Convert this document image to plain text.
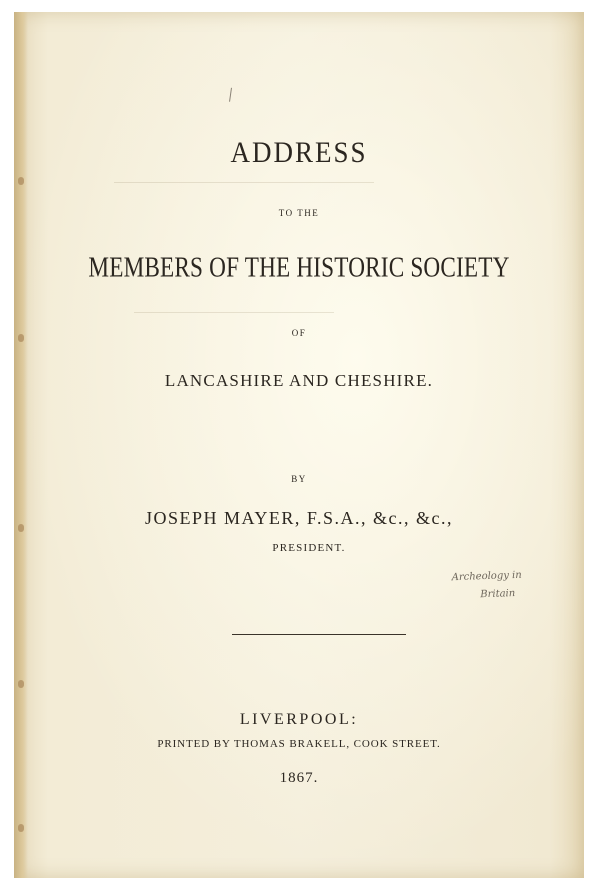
ADDRESS
TO THE
MEMBERS OF THE HISTORIC SOCIETY
OF
LANCASHIRE AND CHESHIRE.
BY
JOSEPH MAYER, F.S.A., &c., &c.,
PRESIDENT.
Archeology in
Britain
LIVERPOOL:
PRINTED BY THOMAS BRAKELL, COOK STREET.
1867.
